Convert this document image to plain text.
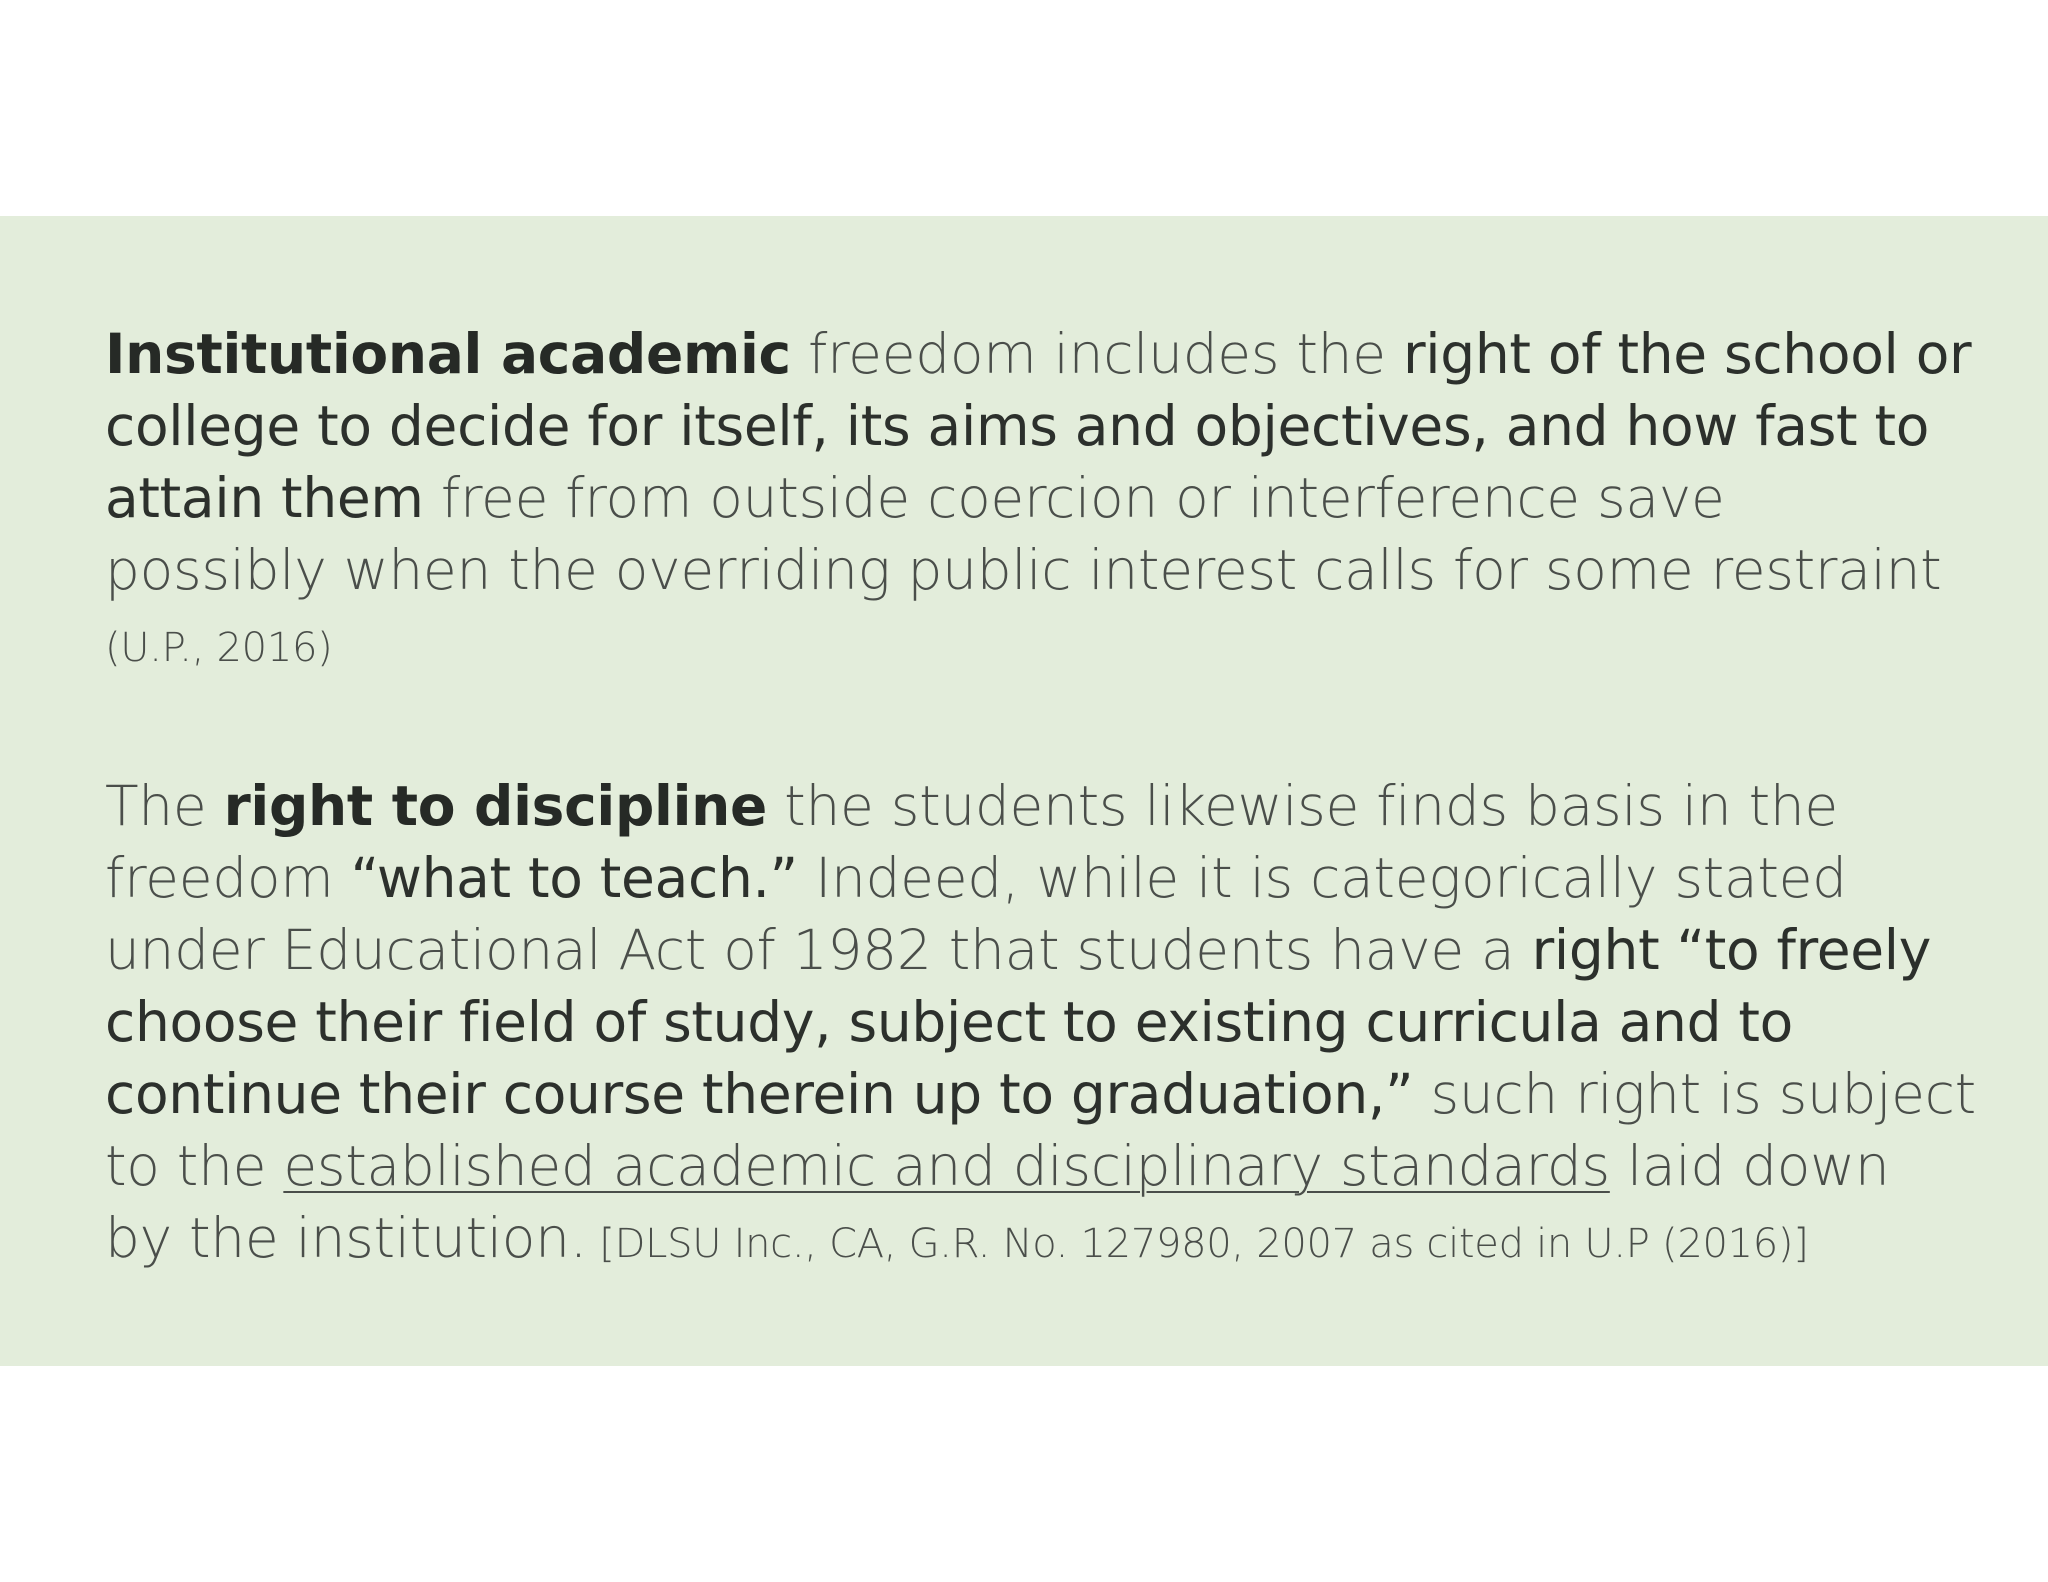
Institutional academic freedom includes the right of the school or
college to decide for itself, its aims and objectives, and how fast to
attain them free from outside coercion or interference save
possibly when the overriding public interest calls for some restraint
(U.P., 2016)

The right to discipline the students likewise finds basis in the
freedom “what to teach.” Indeed, while it is categorically stated
under Educational Act of 1982 that students have a right “to freely
choose their field of study, subject to existing curricula and to
continue their course therein up to graduation,” such right is subject
to the established academic and disciplinary standards laid down
by the institution. [DLSU Inc., CA, G.R. No. 127980, 2007 as cited in U.P (2016)]
